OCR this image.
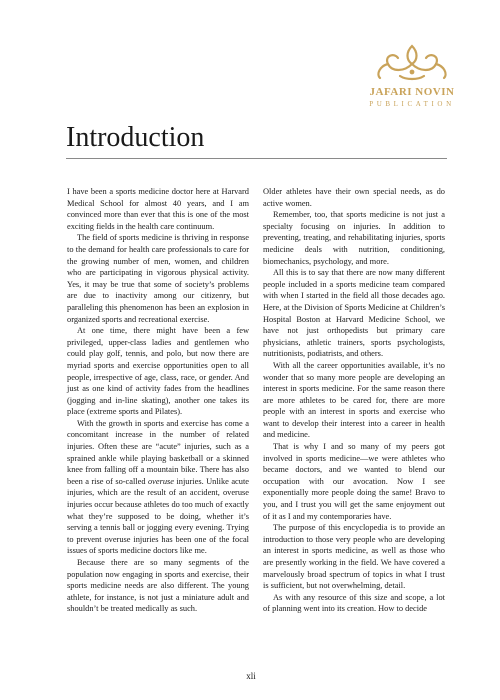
JAFARI NOVIN
PUBLICATION
Introduction

I have been a sports medicine doctor here at Harvard Medical School for almost 40 years, and I am convinced more than ever that this is one of the most exciting fields in the health care continuum.

The field of sports medicine is thriving in response to the demand for health care professionals to care for the growing number of men, women, and children who are participating in vigorous physical activity. Yes, it may be true that some of society’s problems are due to inactivity among our citizenry, but paralleling this phenomenon has been an explosion in organized sports and recreational exercise.

At one time, there might have been a few privileged, upper-class ladies and gentlemen who could play golf, tennis, and polo, but now there are myriad sports and exercise opportunities open to all people, irrespective of age, class, race, or gender. And just as one kind of activity fades from the headlines (jogging and in-line skating), another one takes its place (extreme sports and Pilates).

With the growth in sports and exercise has come a concomitant increase in the number of related injuries. Often these are “acute” injuries, such as a sprained ankle while playing basketball or a skinned knee from falling off a mountain bike. There has also been a rise of so-called overuse injuries. Unlike acute injuries, which are the result of an accident, overuse injuries occur because athletes do too much of exactly what they’re supposed to be doing, whether it’s serving a tennis ball or jogging every evening. Trying to prevent overuse injuries has been one of the focal issues of sports medicine doctors like me.

Because there are so many segments of the population now engaging in sports and exercise, their sports medicine needs are also different. The young athlete, for instance, is not just a miniature adult and shouldn’t be treated medically as such.

Older athletes have their own special needs, as do active women.

Remember, too, that sports medicine is not just a specialty focusing on injuries. In addition to preventing, treating, and rehabilitating injuries, sports medicine deals with nutrition, conditioning, biomechanics, psychology, and more.

All this is to say that there are now many different people included in a sports medicine team compared with when I started in the field all those decades ago. Here, at the Division of Sports Medicine at Children’s Hospital Boston at Harvard Medicine School, we have not just orthopedists but primary care physicians, athletic trainers, sports psychologists, nutritionists, podiatrists, and others.

With all the career opportunities available, it’s no wonder that so many more people are developing an interest in sports medicine. For the same reason there are more athletes to be cared for, there are more people with an interest in sports and exercise who want to develop their interest into a career in health and medicine.

That is why I and so many of my peers got involved in sports medicine—we were athletes who became doctors, and we wanted to blend our occupation with our avocation. Now I see exponentially more people doing the same! Bravo to you, and I trust you will get the same enjoyment out of it as I and my contemporaries have.

The purpose of this encyclopedia is to provide an introduction to those very people who are developing an interest in sports medicine, as well as those who are presently working in the field. We have covered a marvelously broad spectrum of topics in what I trust is sufficient, but not overwhelming, detail.

As with any resource of this size and scope, a lot of planning went into its creation. How to decide

xli
